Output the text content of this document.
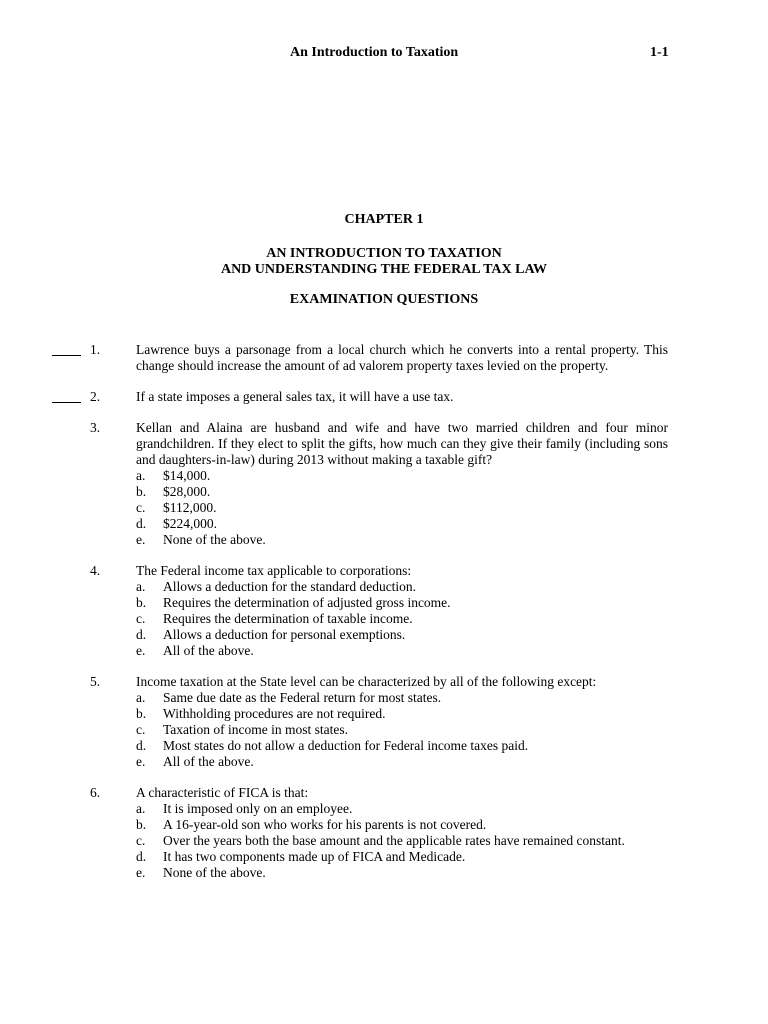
An Introduction to Taxation	1-1
CHAPTER 1
AN INTRODUCTION TO TAXATION
AND UNDERSTANDING THE FEDERAL TAX LAW
EXAMINATION QUESTIONS
1.	Lawrence buys a parsonage from a local church which he converts into a rental property. This change should increase the amount of ad valorem property taxes levied on the property.
2.	If a state imposes a general sales tax, it will have a use tax.
3.	Kellan and Alaina are husband and wife and have two married children and four minor grandchildren. If they elect to split the gifts, how much can they give their family (including sons and daughters-in-law) during 2013 without making a taxable gift?
a. $14,000.
b. $28,000.
c. $112,000.
d. $224,000.
e. None of the above.
4.	The Federal income tax applicable to corporations:
a. Allows a deduction for the standard deduction.
b. Requires the determination of adjusted gross income.
c. Requires the determination of taxable income.
d. Allows a deduction for personal exemptions.
e. All of the above.
5.	Income taxation at the State level can be characterized by all of the following except:
a. Same due date as the Federal return for most states.
b. Withholding procedures are not required.
c. Taxation of income in most states.
d. Most states do not allow a deduction for Federal income taxes paid.
e. All of the above.
6.	A characteristic of FICA is that:
a. It is imposed only on an employee.
b. A 16-year-old son who works for his parents is not covered.
c. Over the years both the base amount and the applicable rates have remained constant.
d. It has two components made up of FICA and Medicade.
e. None of the above.
